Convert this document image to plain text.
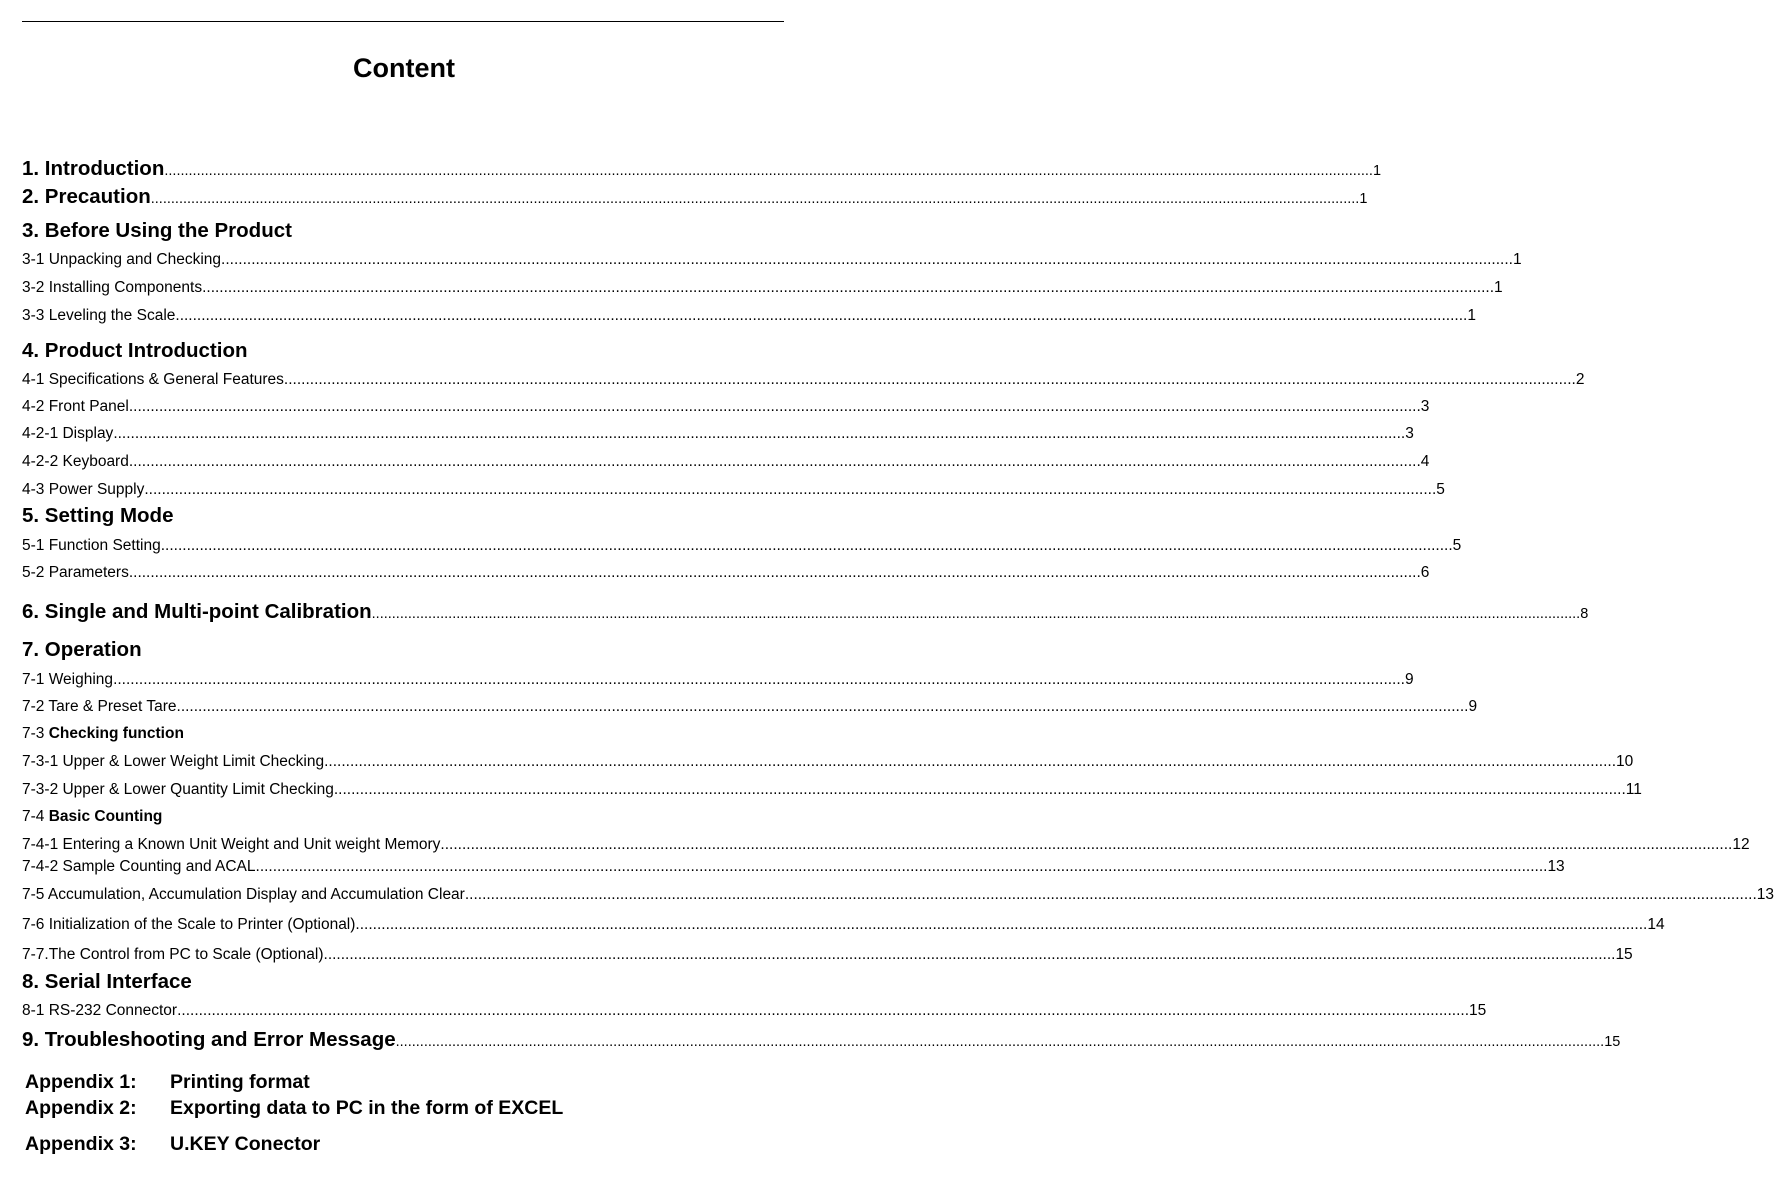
Content
1. Introduction ............................................................................................................................................................................................................................................................................................................ 1
2. Precaution ............................................................................................................................................................................................................................................................................................................ 1
3. Before Using the Product
3-1 Unpacking and Checking ............................................................................................................................................................................................................................................................................................................ 1
3-2 Installing Components ............................................................................................................................................................................................................................................................................................................ 1
3-3 Leveling the Scale ............................................................................................................................................................................................................................................................................................................ 1
4. Product Introduction
4-1 Specifications & General Features ............................................................................................................................................................................................................................................................................................................ 2
4-2 Front Panel ............................................................................................................................................................................................................................................................................................................ 3
4-2-1 Display ............................................................................................................................................................................................................................................................................................................ 3
4-2-2 Keyboard ............................................................................................................................................................................................................................................................................................................ 4
4-3 Power Supply ............................................................................................................................................................................................................................................................................................................ 5
5. Setting Mode
5-1 Function Setting ............................................................................................................................................................................................................................................................................................................ 5
5-2 Parameters ............................................................................................................................................................................................................................................................................................................ 6
6. Single and Multi-point Calibration ............................................................................................................................................................................................................................................................................................................ 8
7. Operation
7-1 Weighing ............................................................................................................................................................................................................................................................................................................ 9
7-2 Tare & Preset Tare ............................................................................................................................................................................................................................................................................................................ 9
7-3 Checking function
7-3-1 Upper & Lower Weight Limit Checking ............................................................................................................................................................................................................................................................................................................ 10
7-3-2 Upper & Lower Quantity Limit Checking ............................................................................................................................................................................................................................................................................................................ 11
7-4 Basic Counting
7-4-1 Entering a Known Unit Weight and Unit weight Memory ............................................................................................................................................................................................................................................................................................................ 12
7-4-2 Sample Counting and ACAL ............................................................................................................................................................................................................................................................................................................ 13
7-5 Accumulation, Accumulation Display and Accumulation Clear ............................................................................................................................................................................................................................................................................................................ 13
7-6 Initialization of the Scale to Printer (Optional) ............................................................................................................................................................................................................................................................................................................ 14
7-7.The Control from PC to Scale (Optional) ............................................................................................................................................................................................................................................................................................................ 15
8. Serial Interface
8-1 RS-232 Connector ............................................................................................................................................................................................................................................................................................................ 15
9. Troubleshooting and Error Message ............................................................................................................................................................................................................................................................................................................ 15
Appendix 1: Printing format
Appendix 2: Exporting data to PC in the form of EXCEL
Appendix 3: U.KEY Conector
